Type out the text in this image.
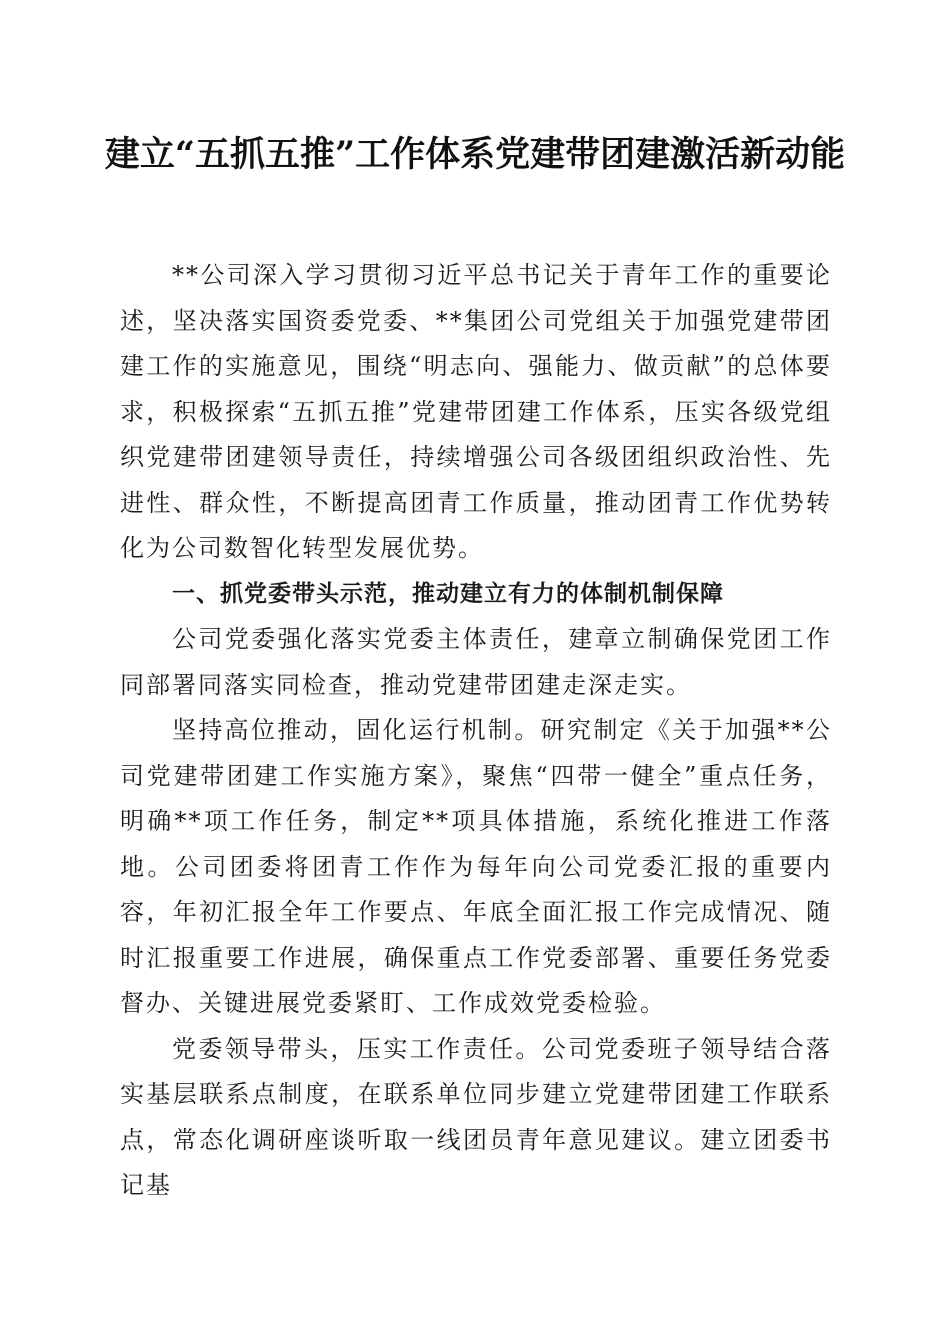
建立“五抓五推”工作体系党建带团建激活新动能

**公司深入学习贯彻习近平总书记关于青年工作的重要论述，坚决落实国资委党委、**集团公司党组关于加强党建带团建工作的实施意见，围绕“明志向、强能力、做贡献”的总体要求，积极探索“五抓五推”党建带团建工作体系，压实各级党组织党建带团建领导责任，持续增强公司各级团组织政治性、先进性、群众性，不断提高团青工作质量，推动团青工作优势转化为公司数智化转型发展优势。

一、抓党委带头示范，推动建立有力的体制机制保障

公司党委强化落实党委主体责任，建章立制确保党团工作同部署同落实同检查，推动党建带团建走深走实。

坚持高位推动，固化运行机制。研究制定《关于加强**公司党建带团建工作实施方案》，聚焦“四带一健全”重点任务，明确**项工作任务，制定**项具体措施，系统化推进工作落地。公司团委将团青工作作为每年向公司党委汇报的重要内容，年初汇报全年工作要点、年底全面汇报工作完成情况、随时汇报重要工作进展，确保重点工作党委部署、重要任务党委督办、关键进展党委紧盯、工作成效党委检验。

党委领导带头，压实工作责任。公司党委班子领导结合落实基层联系点制度，在联系单位同步建立党建带团建工作联系点，常态化调研座谈听取一线团员青年意见建议。建立团委书记基
